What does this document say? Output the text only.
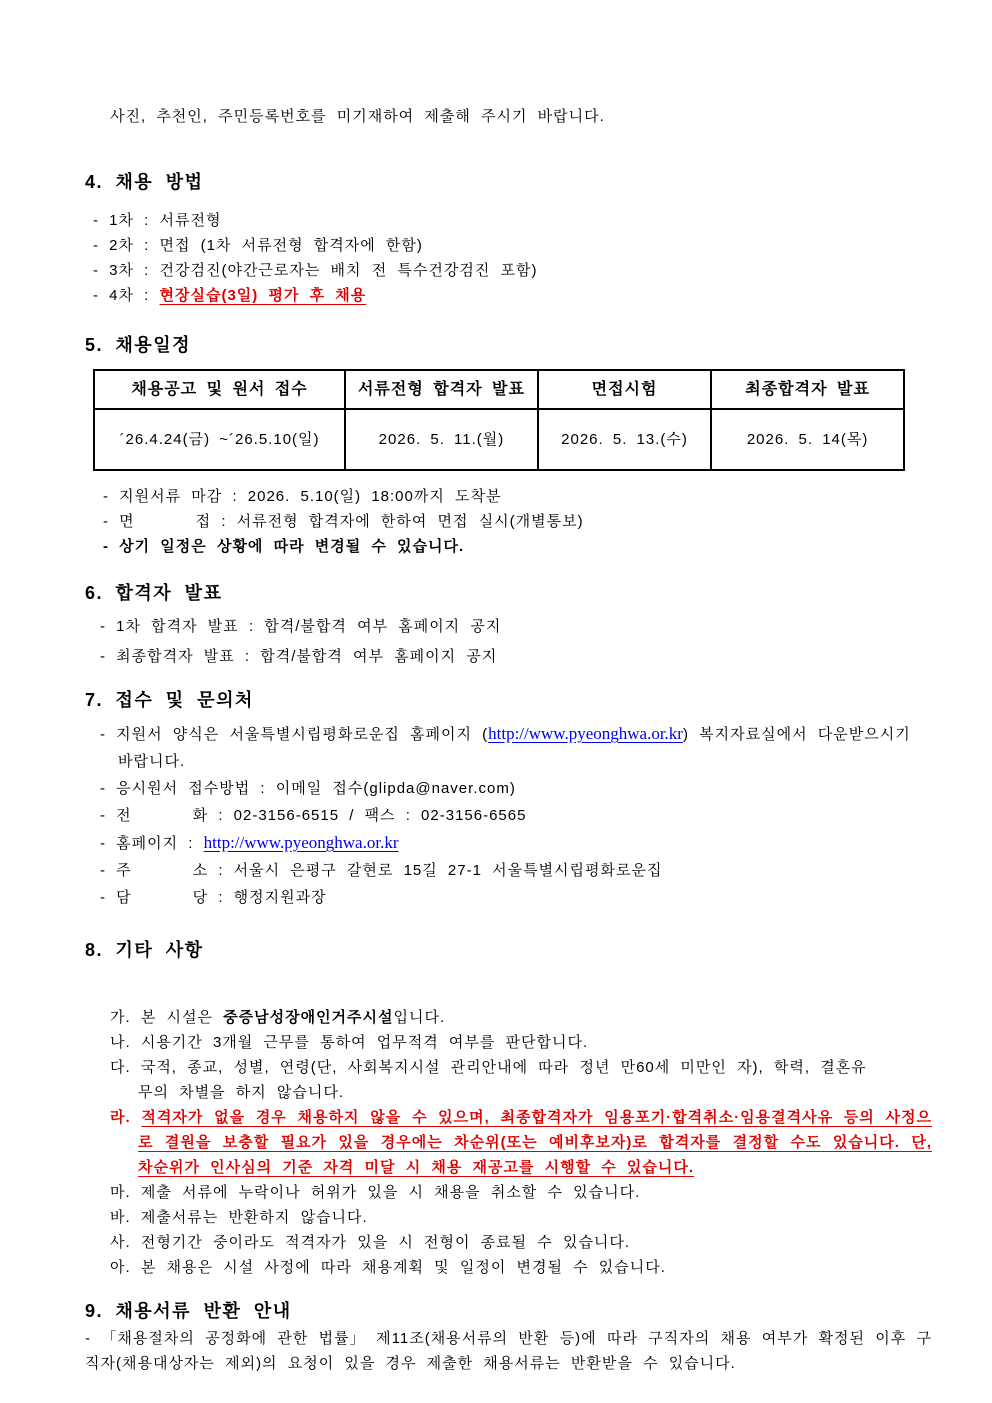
사진, 추천인, 주민등록번호를 미기재하여 제출해 주시기 바랍니다.
4. 채용 방법
- 1차 : 서류전형
- 2차 : 면접 (1차 서류전형 합격자에 한함)
- 3차 : 건강검진(야간근로자는 배치 전 특수건강검진 포함)
- 4차 : 현장실습(3일) 평가 후 채용
5. 채용일정
채용공고 및 원서 접수	서류전형 합격자 발표	면접시험	최종합격자 발표
´26.4.24(금) ~´26.5.10(일)	2026. 5. 11.(월)	2026. 5. 13.(수)	2026. 5. 14(목)
- 지원서류 마감 : 2026. 5.10(일) 18:00까지 도착분
- 면      접 : 서류전형 합격자에 한하여 면접 실시(개별통보)
- 상기 일정은 상황에 따라 변경될 수 있습니다.
6. 합격자 발표
- 1차 합격자 발표 : 합격/불합격 여부 홈페이지 공지
- 최종합격자 발표 : 합격/불합격 여부 홈페이지 공지
7. 접수 및 문의처
- 지원서 양식은 서울특별시립평화로운집 홈페이지 (http://www.pyeonghwa.or.kr) 복지자료실에서 다운받으시기 바랍니다.
- 응시원서 접수방법 : 이메일 접수(glipda@naver.com)
- 전      화 : 02-3156-6515 / 팩스 : 02-3156-6565
- 홈페이지 : http://www.pyeonghwa.or.kr
- 주      소 : 서울시 은평구 갈현로 15길 27-1 서울특별시립평화로운집
- 담      당 : 행정지원과장
8. 기타 사항
가. 본 시설은 중증남성장애인거주시설입니다.
나. 시용기간 3개월 근무를 통하여 업무적격 여부를 판단합니다.
다. 국적, 종교, 성별, 연령(단, 사회복지시설 관리안내에 따라 정년 만60세 미만인 자), 학력, 결혼유무의 차별을 하지 않습니다.
라. 적격자가 없을 경우 채용하지 않을 수 있으며, 최종합격자가 임용포기·합격취소·임용결격사유 등의 사정으로 결원을 보충할 필요가 있을 경우에는 차순위(또는 예비후보자)로 합격자를 결정할 수도 있습니다. 단, 차순위가 인사심의 기준 자격 미달 시 채용 재공고를 시행할 수 있습니다.
마. 제출 서류에 누락이나 허위가 있을 시 채용을 취소할 수 있습니다.
바. 제출서류는 반환하지 않습니다.
사. 전형기간 중이라도 적격자가 있을 시 전형이 종료될 수 있습니다.
아. 본 채용은 시설 사정에 따라 채용계획 및 일정이 변경될 수 있습니다.
9. 채용서류 반환 안내
- 「채용절차의 공정화에 관한 법률」 제11조(채용서류의 반환 등)에 따라 구직자의 채용 여부가 확정된 이후 구직자(채용대상자는 제외)의 요청이 있을 경우 제출한 채용서류는 반환받을 수 있습니다.
